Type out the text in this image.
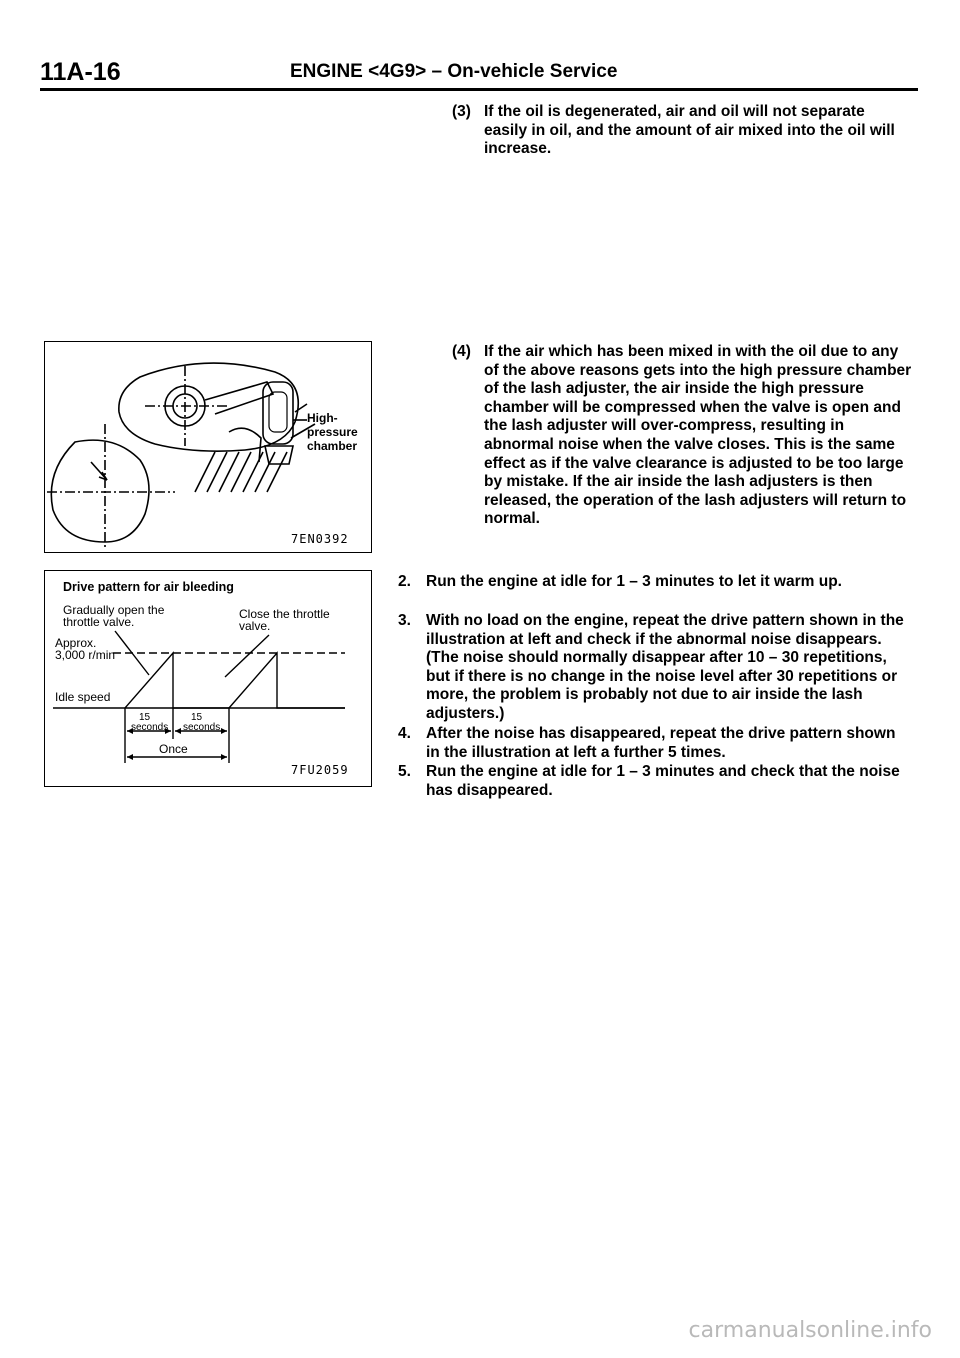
11A-16	ENGINE <4G9> – On-vehicle Service
(3) If the oil is degenerated, air and oil will not separate easily in oil, and the amount of air mixed into the oil will increase.
(4) If the air which has been mixed in with the oil due to any of the above reasons gets into the high pressure chamber of the lash adjuster, the air inside the high pressure chamber will be compressed when the valve is open and the lash adjuster will over-compress, resulting in abnormal noise when the valve closes. This is the same effect as if the valve clearance is adjusted to be too large by mistake. If the air inside the lash adjusters is then released, the operation of the lash adjusters will return to normal.
2. Run the engine at idle for 1 – 3 minutes to let it warm up.
3. With no load on the engine, repeat the drive pattern shown in the illustration at left and check if the abnormal noise disappears. (The noise should normally disappear after 10 – 30 repetitions, but if there is no change in the noise level after 30 repetitions or more, the problem is probably not due to air inside the lash adjusters.)
4. After the noise has disappeared, repeat the drive pattern shown in the illustration at left a further 5 times.
5. Run the engine at idle for 1 – 3 minutes and check that the noise has disappeared.
High-
pressure
chamber
7EN0392
Drive pattern for air bleeding
Gradually open the
throttle valve.
Close the throttle
valve.
Approx.
3,000 r/min
Idle speed
15
seconds
15
seconds
Once
7FU2059
carmanualsonline.info
